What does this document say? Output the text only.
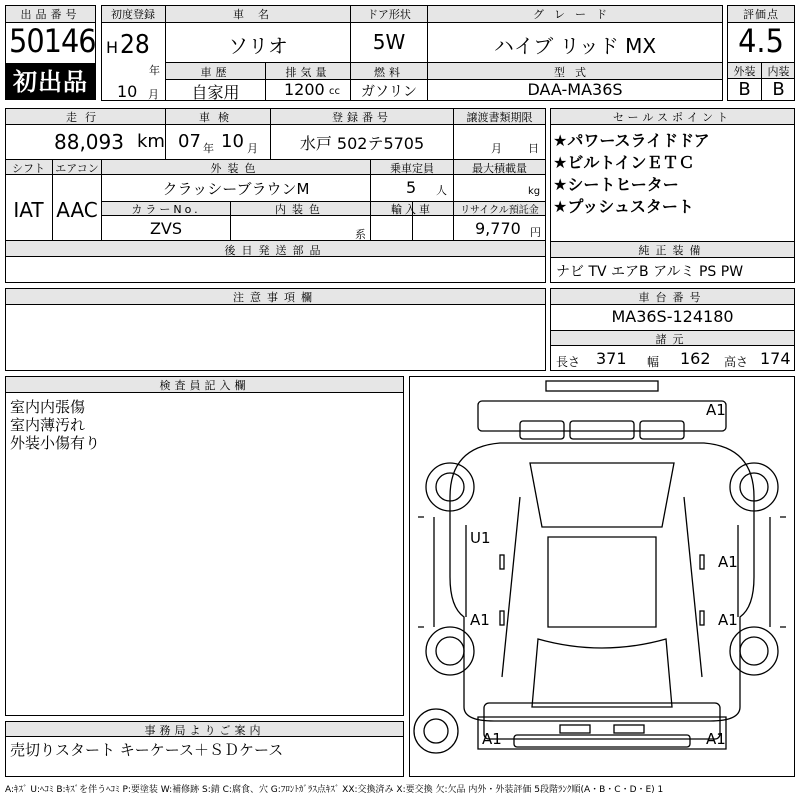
出品番号
50146
初出品
初度登録
H 28
年
10 月
車名
ソリオ
ドア形状
5W
グレード
ハイブ リッド MX
車歴
自家用
排気量
1200 cc
燃料
ガソリン
型式
DAA-MA36S
評価点
4.5
外装	内装
B	B
走行
88,093 km
車検
07 年 10 月
登録番号
水戸 502テ5705
譲渡書類期限
月 日
シフト
IAT
エアコン
AAC
外装色
クラッシーブラウンM
乗車定員
5 人
最大積載量
kg
カラーNo.
ZVS
内装色
系
輸入車	リサイクル預託金
9,770 円
後日発送部品
セールスポイント
★パワースライドドア
★ビルトインＥＴＣ
★シートヒーター
★プッシュスタート
純正装備
ナビ TV エアB アルミ PS PW
注意事項欄	車台番号
MA36S-124180
諸元
長さ 371 幅 162 高さ 174
検査員記入欄
室内内張傷
室内薄汚れ
外装小傷有り
事務局よりご案内
売切りスタート キーケース＋ＳＤケース
A1
U1
A1
A1	A1
A1	A1
A:ｷｽﾞ U:ﾍｺﾐ B:ｷｽﾞを伴うﾍｺﾐ P:要塗装 W:補修跡 S:錆 C:腐食、穴 G:ﾌﾛﾝﾄｶﾞﾗｽ点ｷｽﾞ XX:交換済み X:要交換 欠:欠品 内外・外装評価 5段階ﾗﾝｸ順(A・B・C・D・E) 1
